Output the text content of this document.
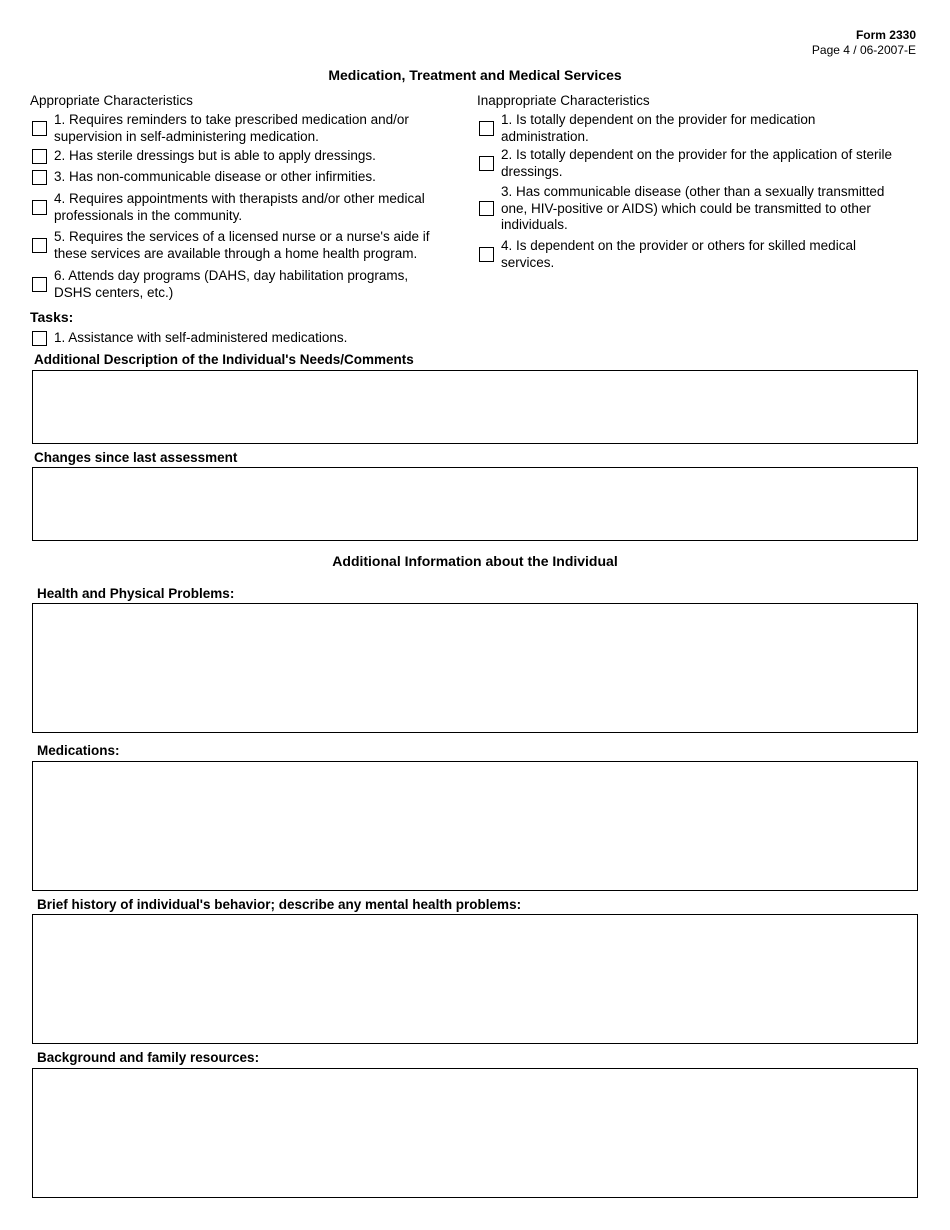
Form 2330
Page 4 / 06-2007-E
Medication, Treatment and Medical Services
Appropriate Characteristics
1. Requires reminders to take prescribed medication and/or
supervision in self-administering medication.
2. Has sterile dressings but is able to apply dressings.
3. Has non-communicable disease or other infirmities.
4. Requires appointments with therapists and/or other medical
professionals in the community.
5. Requires the services of a licensed nurse or a nurse's aide if
these services are available through a home health program.
6. Attends day programs (DAHS, day habilitation programs,
DSHS centers, etc.)
Inappropriate Characteristics
1. Is totally dependent on the provider for medication
administration.
2. Is totally dependent on the provider for the application of sterile
dressings.
3. Has communicable disease (other than a sexually transmitted
one, HIV-positive or AIDS) which could be transmitted to other
individuals.
4. Is dependent on the provider or others for skilled medical
services.
Tasks:
1. Assistance with self-administered medications.
Additional Description of the Individual's Needs/Comments
Changes since last assessment
Additional Information about the Individual
Health and Physical Problems:
Medications:
Brief history of individual's behavior; describe any mental health problems:
Background and family resources:
